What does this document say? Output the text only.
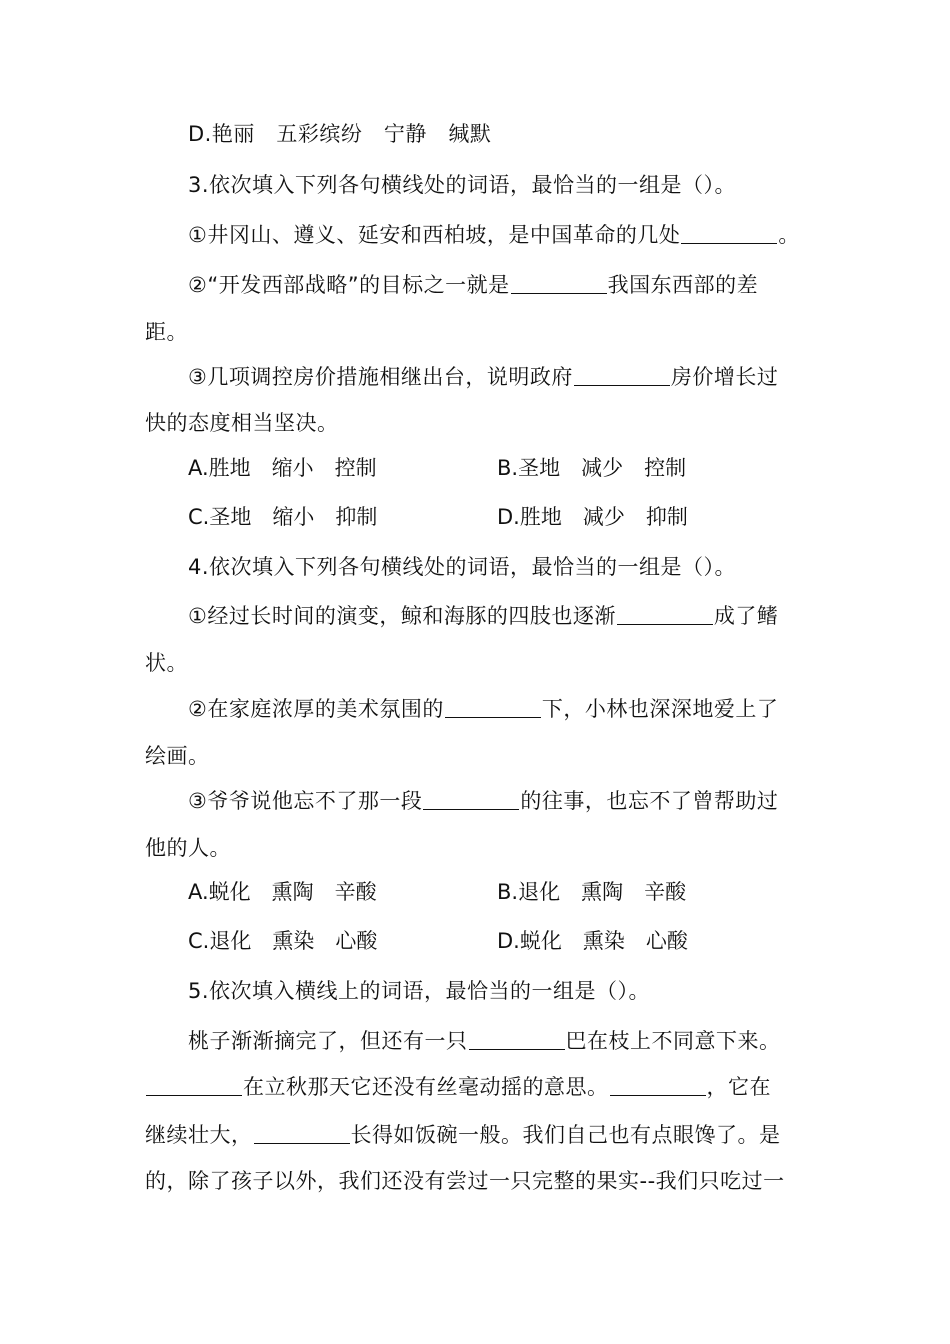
D.艳丽　五彩缤纷　宁静　缄默
3.依次填入下列各句横线处的词语，最恰当的一组是（）。
①井冈山、遵义、延安和西柏坡，是中国革命的几处	。
②“开发西部战略”的目标之一就是	我国东西部的差
距。
③几项调控房价措施相继出台，说明政府	房价增长过
快的态度相当坚决。
A.胜地　缩小　控制	B.圣地　减少　控制
C.圣地　缩小　抑制	D.胜地　减少　抑制
4.依次填入下列各句横线处的词语，最恰当的一组是（）。
①经过长时间的演变，鲸和海豚的四肢也逐渐	成了鳍
状。
②在家庭浓厚的美术氛围的	下，小林也深深地爱上了
绘画。
③爷爷说他忘不了那一段	的往事，也忘不了曾帮助过
他的人。
A.蜕化　熏陶　辛酸	B.退化　熏陶　辛酸
C.退化　熏染　心酸	D.蜕化　熏染　心酸
5.依次填入横线上的词语，最恰当的一组是（）。
桃子渐渐摘完了，但还有一只	巴在枝上不同意下来。
在立秋那天它还没有丝毫动摇的意思。	，它在
继续壮大，	长得如饭碗一般。我们自己也有点眼馋了。是
的，除了孩子以外，我们还没有尝过一只完整的果实--我们只吃过一
